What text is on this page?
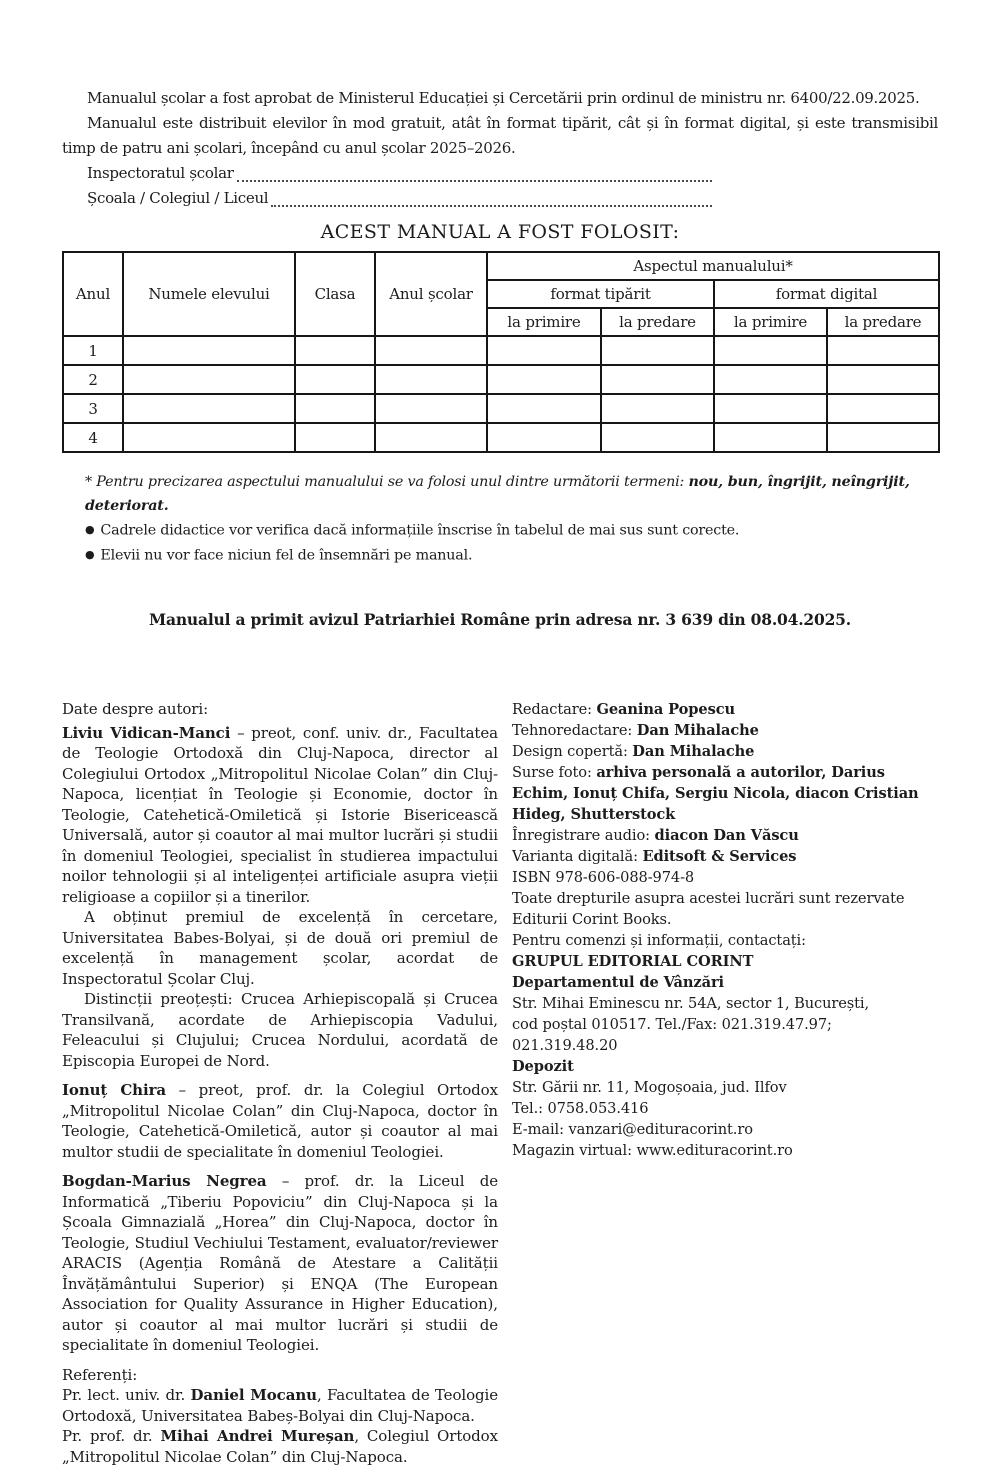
Manualul școlar a fost aprobat de Ministerul Educației și Cercetării prin ordinul de ministru nr. 6400/22.09.2025.

Manualul este distribuit elevilor în mod gratuit, atât în format tipărit, cât și în format digital, și este transmisibil timp de patru ani școlari, începând cu anul școlar 2025–2026.

Inspectoratul școlar
Școala / Colegiul / Liceul
ACEST MANUAL A FOST FOLOSIT:
Anul	Numele elevului	Clasa	Anul școlar	Aspectul manualului*			
				format tipărit		format digital	
				la primire	la predare	la primire	la predare
1							
2							
3							
4							

* Pentru precizarea aspectului manualului se va folosi unul dintre următorii termeni: nou, bun, îngrijit, neîngrijit, deteriorat.

● Cadrele didactice vor verifica dacă informațiile înscrise în tabelul de mai sus sunt corecte.

● Elevii nu vor face niciun fel de însemnări pe manual.

Manualul a primit avizul Patriarhiei Române prin adresa nr. 3 639 din 08.04.2025.

Date despre autori:

Liviu Vidican-Manci – preot, conf. univ. dr., Facultatea de Teologie Ortodoxă din Cluj-Napoca, director al Colegiului Ortodox „Mitropolitul Nicolae Colan” din Cluj-Napoca, licențiat în Teologie și Economie, doctor în Teologie, Catehetică-Omiletică și Istorie Bisericească Universală, autor și coautor al mai multor lucrări și studii în domeniul Teologiei, specialist în studierea impactului noilor tehnologii și al inteligenței artificiale asupra vieții religioase a copiilor și a tinerilor.

A obținut premiul de excelență în cercetare, Universitatea Babes-Bolyai, și de două ori premiul de excelență în management școlar, acordat de Inspectoratul Școlar Cluj.

Distincții preoțești: Crucea Arhiepiscopală și Crucea Transilvană, acordate de Arhiepiscopia Vadului, Feleacului și Clujului; Crucea Nordului, acordată de Episcopia Europei de Nord.

Ionuț Chira – preot, prof. dr. la Colegiul Ortodox „Mitropolitul Nicolae Colan” din Cluj-Napoca, doctor în Teologie, Catehetică-Omiletică, autor și coautor al mai multor studii de specialitate în domeniul Teologiei.

Bogdan-Marius Negrea – prof. dr. la Liceul de Informatică „Tiberiu Popoviciu” din Cluj-Napoca și la Școala Gimnazială „Horea” din Cluj-Napoca, doctor în Teologie, Studiul Vechiului Testament, evaluator/reviewer ARACIS (Agenția Română de Atestare a Calității Învățământului Superior) și ENQA (The European Association for Quality Assurance in Higher Education), autor și coautor al mai multor lucrări și studii de specialitate în domeniul Teologiei.

Referenți:

Pr. lect. univ. dr. Daniel Mocanu, Facultatea de Teologie Ortodoxă, Universitatea Babeș-Bolyai din Cluj-Napoca.

Pr. prof. dr. Mihai Andrei Mureșan, Colegiul Ortodox „Mitropolitul Nicolae Colan” din Cluj-Napoca.

Redactare: Geanina Popescu
Tehnoredactare: Dan Mihalache
Design copertă: Dan Mihalache
Surse foto: arhiva personală a autorilor, Darius Echim, Ionuț Chifa, Sergiu Nicola, diacon Cristian Hideg, Shutterstock
Înregistrare audio: diacon Dan Văscu
Varianta digitală: Editsoft & Services
ISBN 978-606-088-974-8
Toate drepturile asupra acestei lucrări sunt rezervate Editurii Corint Books.
Pentru comenzi și informații, contactați:
GRUPUL EDITORIAL CORINT
Departamentul de Vânzări
Str. Mihai Eminescu nr. 54A, sector 1, București,
cod poștal 010517. Tel./Fax: 021.319.47.97; 021.319.48.20
Depozit
Str. Gării nr. 11, Mogoșoaia, jud. Ilfov
Tel.: 0758.053.416
E-mail: vanzari@edituracorint.ro
Magazin virtual: www.edituracorint.ro
